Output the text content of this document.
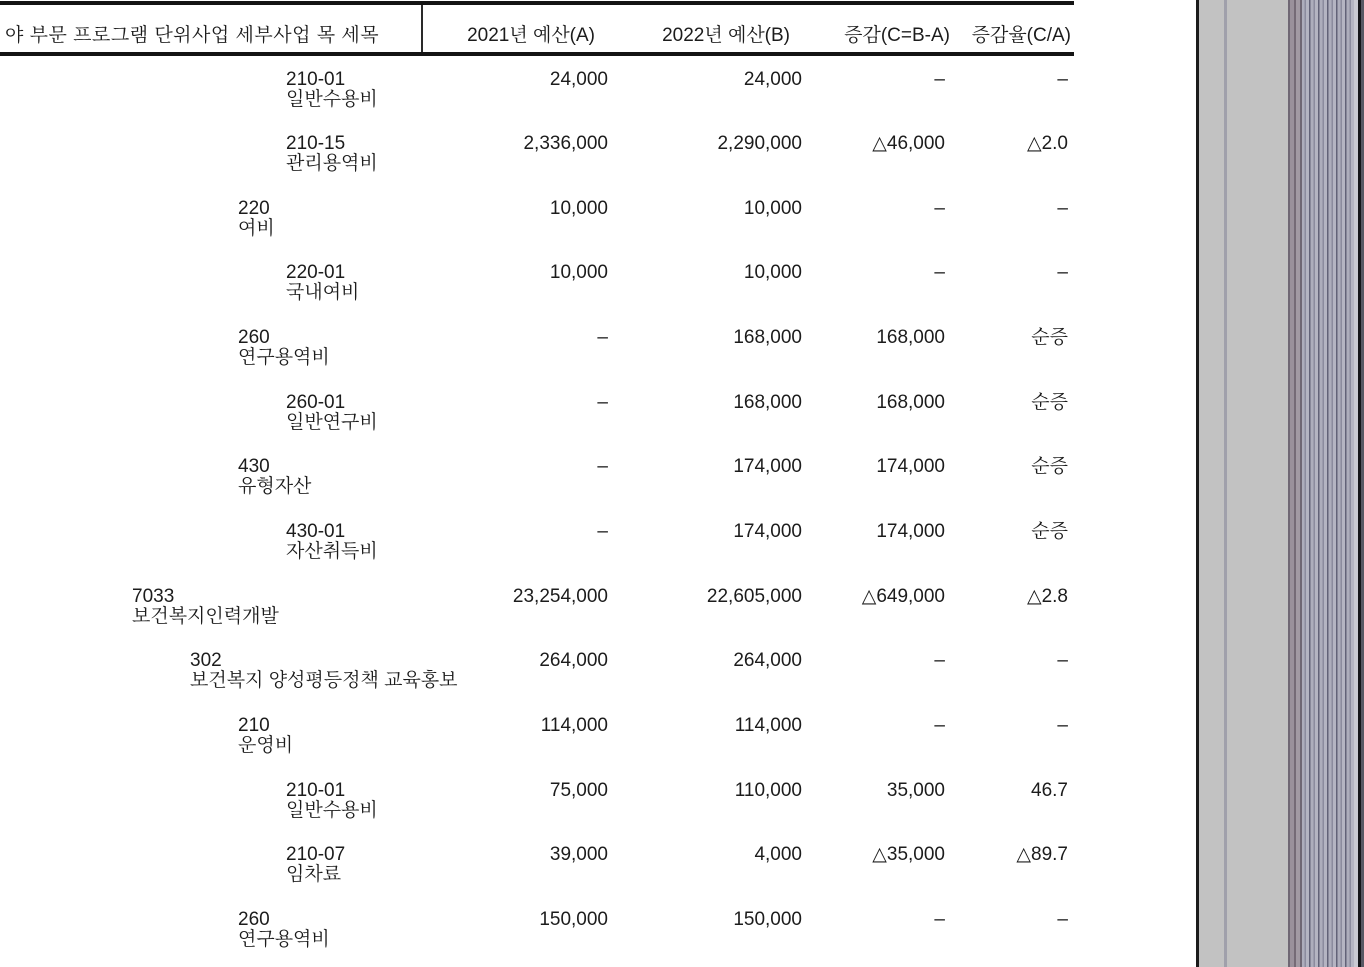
야 부문 프로그램 단위사업 세부사업 목 세목	2021년 예산(A)	2022년 예산(B)	증감(C=B-A)	증감율(C/A)
210-01
일반수용비
24,000	24,000	–	–
210-15
관리용역비
2,336,000	2,290,000	△46,000	△2.0
220
여비
10,000	10,000	–	–
220-01
국내여비
10,000	10,000	–	–
260
연구용역비
–	168,000	168,000	순증
260-01
일반연구비
–	168,000	168,000	순증
430
유형자산
–	174,000	174,000	순증
430-01
자산취득비
–	174,000	174,000	순증
7033
보건복지인력개발
23,254,000	22,605,000	△649,000	△2.8
302
보건복지 양성평등정책 교육홍보
264,000	264,000	–	–
210
운영비
114,000	114,000	–	–
210-01
일반수용비
75,000	110,000	35,000	46.7
210-07
임차료
39,000	4,000	△35,000	△89.7
260
연구용역비
150,000	150,000	–	–
